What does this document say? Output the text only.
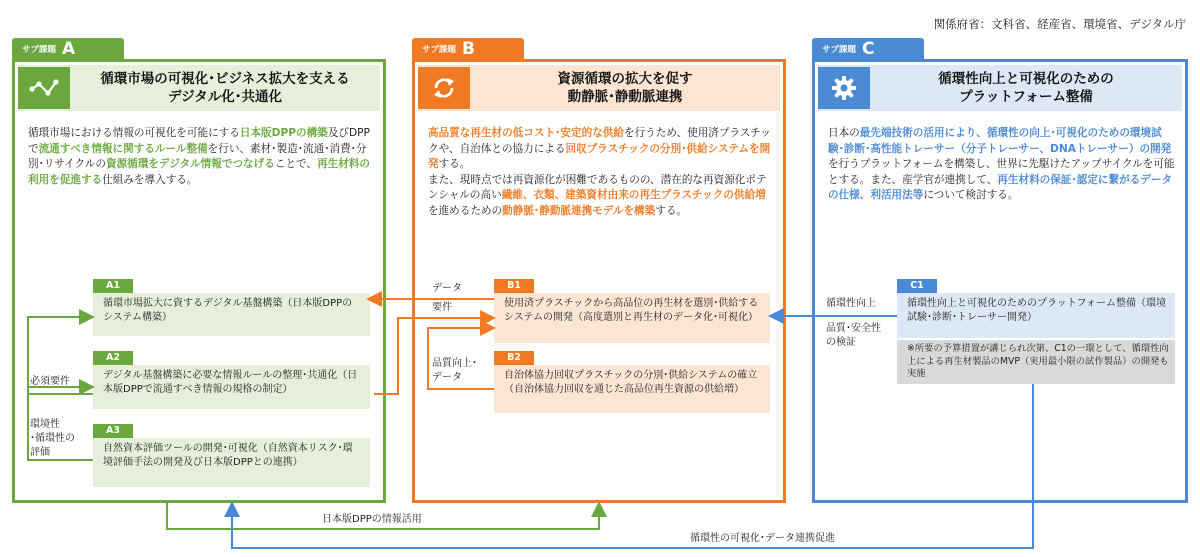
関係府省：文科省、経産省、環境省、デジタル庁
サブ課題 A
循環市場の可視化･ビジネス拡大を支える
デジタル化･共通化
循環市場における情報の可視化を可能にする日本版DPPの構築及びDPPで流通すべき情報に関するルール整備を行い、素材･製造･流通･消費･分別･リサイクルの資源循環をデジタル情報でつなげることで、再生材料の利用を促進する仕組みを導入する。
A1
循環市場拡大に資するデジタル基盤構築（日本版DPPのシステム構築）
A2
デジタル基盤構築に必要な情報ルールの整理･共通化（日本版DPPで流通すべき情報の規格の制定）
A3
自然資本評価ツールの開発･可視化（自然資本リスク･環境評価手法の開発及び日本版DPPとの連携）
必須要件
環境性
･循環性の
評価
サブ課題 B
資源循環の拡大を促す
動静脈･静動脈連携
高品質な再生材の低コスト･安定的な供給を行うため、使用済プラスチックや、自治体との協力による回収プラスチックの分別･供給システムを開発する。
また、現時点では再資源化が困難であるものの、潜在的な再資源化ポテンシャルの高い繊維、衣類、建築資材由来の再生プラスチックの供給増を進めるための動静脈･静動脈連携モデルを構築する。
B1
使用済プラスチックから高品位の再生材を選別･供給するシステムの開発（高度選別と再生材のデータ化･可視化）
B2
自治体協力回収プラスチックの分別･供給システムの確立（自治体協力回収を通じた高品位再生資源の供給増）
データ
要件
品質向上･
データ
サブ課題 C
循環性向上と可視化のための
プラットフォーム整備
日本の最先端技術の活用により、循環性の向上･可視化のための環境試験･診断･高性能トレーサー（分子トレーサー、DNAトレーサー）の開発を行うプラットフォームを構築し、世界に先駆けたアップサイクルを可能とする。また、産学官が連携して、再生材料の保証･認定に繋がるデータの仕様、利活用法等について検討する。
C1
循環性向上と可視化のためのプラットフォーム整備（環境試験･診断･トレーサー開発）
※所要の予算措置が講じられ次第、C1の一環として、循環性向上による再生材製品のMVP（実用最小限の試作製品）の開発も実施
循環性向上
品質･安全性
の検証
日本版DPPの情報活用
循環性の可視化･データ連携促進
